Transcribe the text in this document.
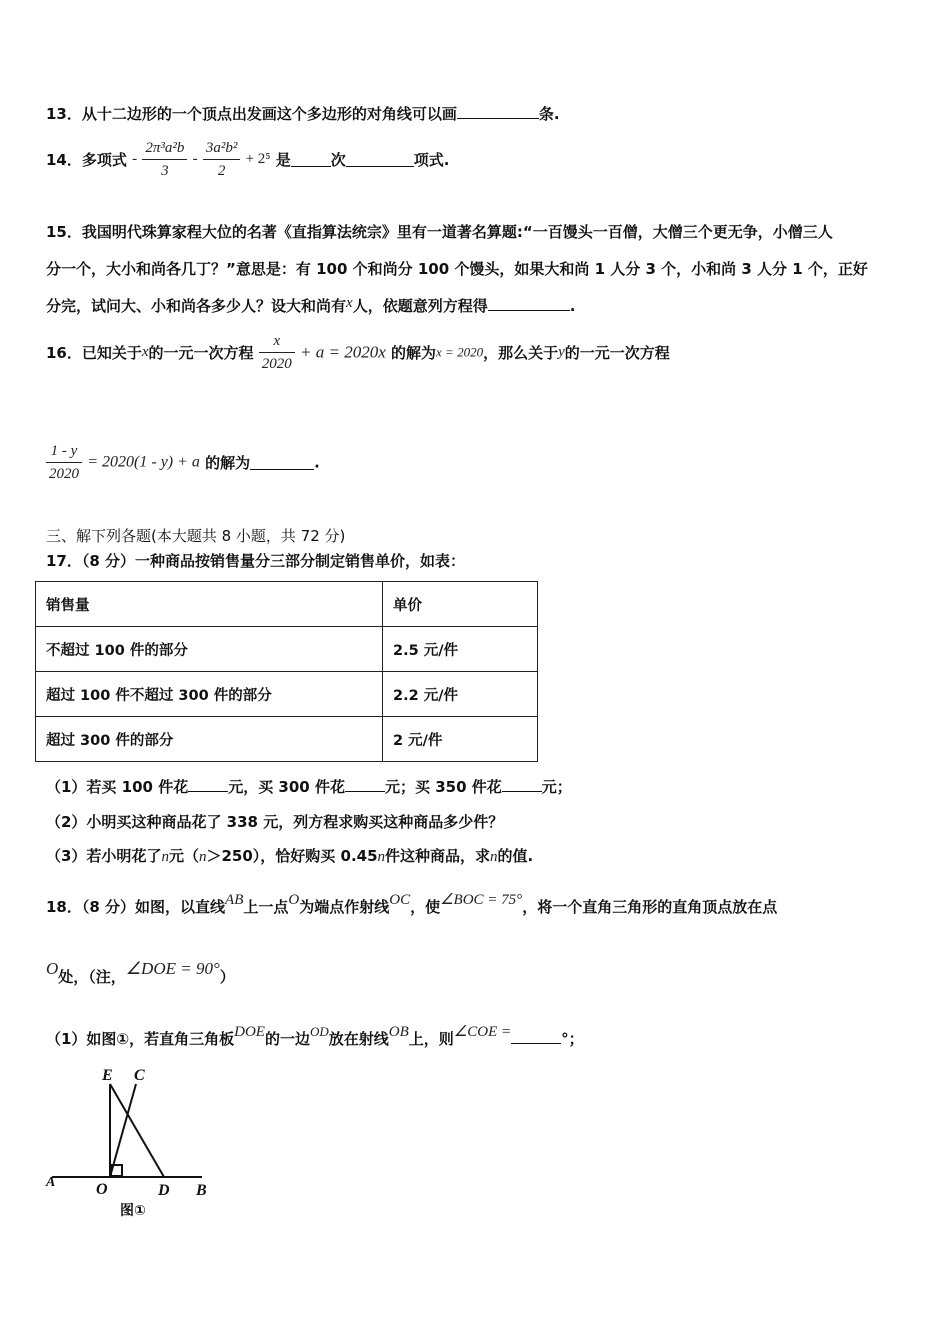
13．从十二边形的一个顶点出发画这个多边形的对角线可以画	条.
14．多项式 - $\frac{\text{2π³a²b}}{3} - \frac{\text{3a²b²}}{2} + 2^5$ 是	次	项式.
15．我国明代珠算家程大位的名著《直指算法统宗》里有一道著名算题:“一百馒头一百僧，大僧三个更无争，小僧三人
分一个，大小和尚各几丁？”意思是：有 100 个和尚分 100 个馒头，如果大和尚 1 人分 3 个，小和尚 3 人分 1 个，正好
分完，试问大、小和尚各多少人？设大和尚有x人，依题意列方程得	.
16．已知关于x的一元一次方程 $\frac{x}{2020} + a = 2020x$ 的解为x = 2020，那么关于y的一元一次方程
$\frac{1 - y}{2020} = 2020(1 - y) + a$ 的解为	.
三、解下列各题(本大题共 8 小题，共 72 分)
17．（8 分）一种商品按销售量分三部分制定销售单价，如表：
销售量	单价
不超过 100 件的部分	2.5 元/件
超过 100 件不超过 300 件的部分	2.2 元/件
超过 300 件的部分	2 元/件
（1）若买 100 件花	元，买 300 件花	元；买 350 件花	元；
（2）小明买这种商品花了 338 元，列方程求购买这种商品多少件？
（3）若小明花了n元（n＞250），恰好购买 0.45n件这种商品，求n的值.
18．（8 分）如图，以直线AB上一点O为端点作射线OC，使∠BOC = 75°，将一个直角三角形的直角顶点放在点
O处，（注，∠DOE = 90°）
（1）如图①，若直角三角板DOE的一边OD放在射线OB上，则∠COE =	°；
E C
A	O	D B
图①
